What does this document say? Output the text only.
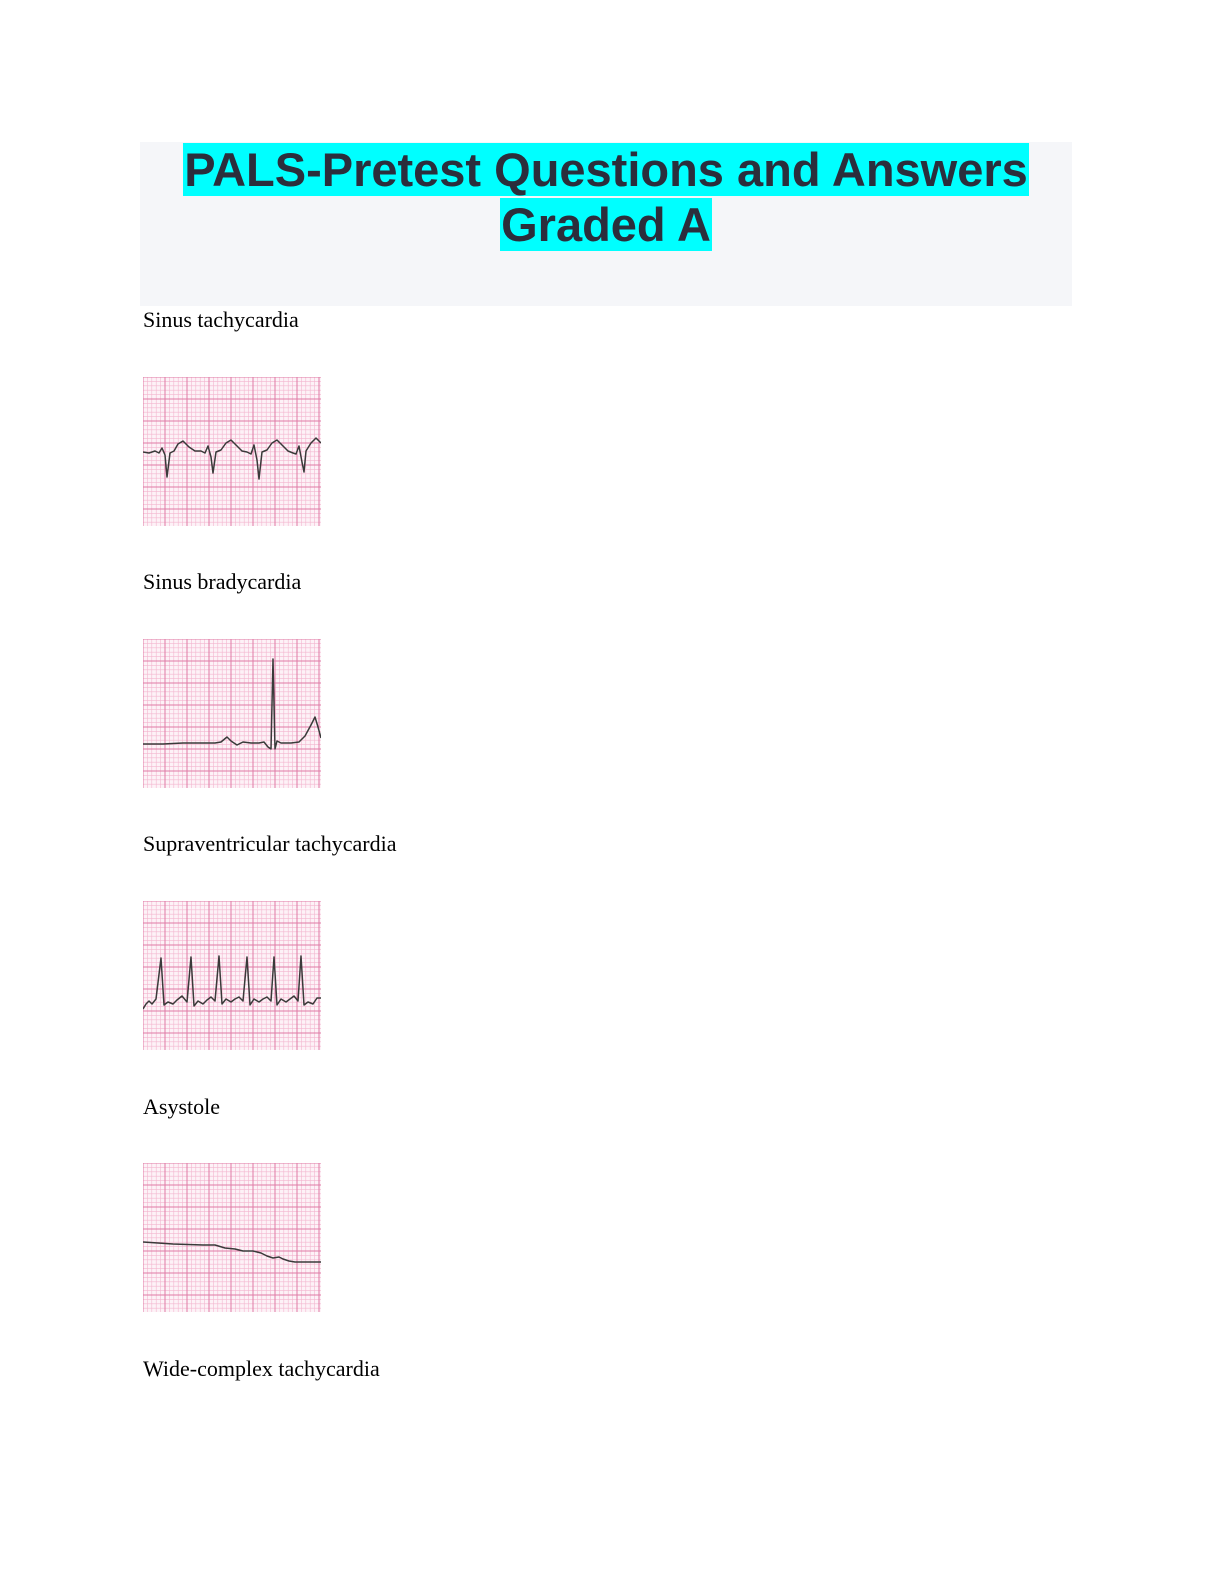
PALS-Pretest Questions and Answers
Graded A

Sinus tachycardia

Sinus bradycardia

Supraventricular tachycardia

Asystole

Wide-complex tachycardia
